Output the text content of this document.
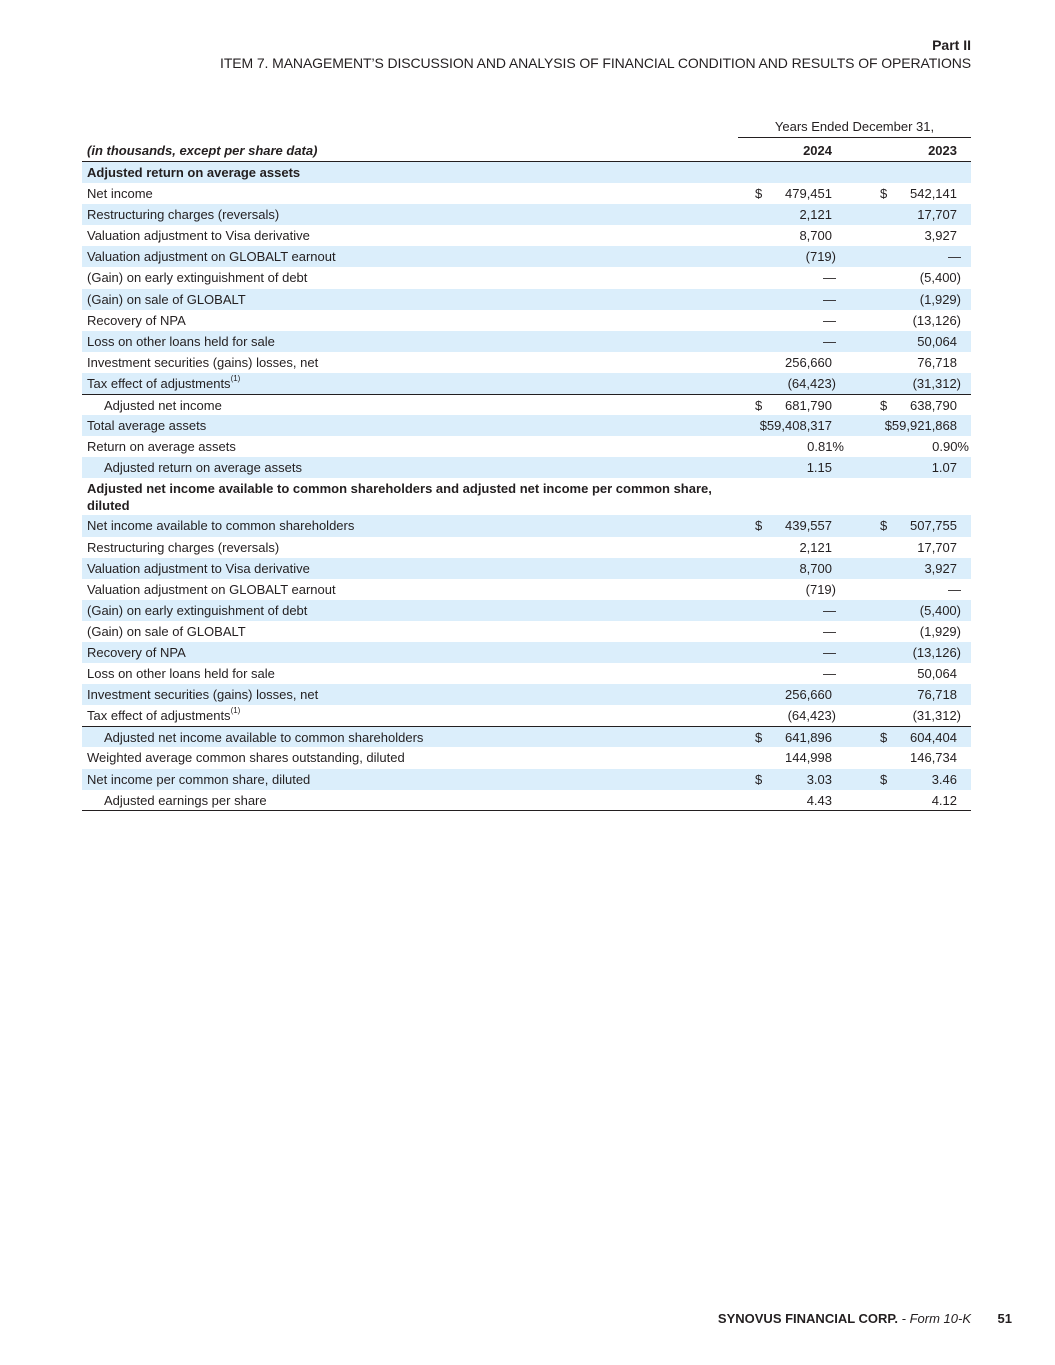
Part II
ITEM 7. MANAGEMENT’S DISCUSSION AND ANALYSIS OF FINANCIAL CONDITION AND RESULTS OF OPERATIONS
Years Ended December 31,
(in thousands, except per share data)	2024	2023
Adjusted return on average assets
Net income	$ 479,451	$ 542,141
Restructuring charges (reversals)	2,121	17,707
Valuation adjustment to Visa derivative	8,700	3,927
Valuation adjustment on GLOBALT earnout	(719)	—
(Gain) on early extinguishment of debt	—	(5,400)
(Gain) on sale of GLOBALT	—	(1,929)
Recovery of NPA	—	(13,126)
Loss on other loans held for sale	—	50,064
Investment securities (gains) losses, net	256,660	76,718
Tax effect of adjustments$^{(1)}$	(64,423)	(31,312)
Adjusted net income	$ 681,790	$ 638,790
Total average assets	$59,408,317	$59,921,868
Return on average assets	0.81%	0.90%
Adjusted return on average assets	1.15	1.07
Adjusted net income available to common shareholders and adjusted net income per common share, diluted
Net income available to common shareholders	$ 439,557	$ 507,755
Restructuring charges (reversals)	2,121	17,707
Valuation adjustment to Visa derivative	8,700	3,927
Valuation adjustment on GLOBALT earnout	(719)	—
(Gain) on early extinguishment of debt	—	(5,400)
(Gain) on sale of GLOBALT	—	(1,929)
Recovery of NPA	—	(13,126)
Loss on other loans held for sale	—	50,064
Investment securities (gains) losses, net	256,660	76,718
Tax effect of adjustments$^{(1)}$	(64,423)	(31,312)
Adjusted net income available to common shareholders	$ 641,896	$ 604,404
Weighted average common shares outstanding, diluted	144,998	146,734
Net income per common share, diluted	$	3.03	$	3.46
Adjusted earnings per share	4.43	4.12
SYNOVUS FINANCIAL CORP. - Form 10-K 51
